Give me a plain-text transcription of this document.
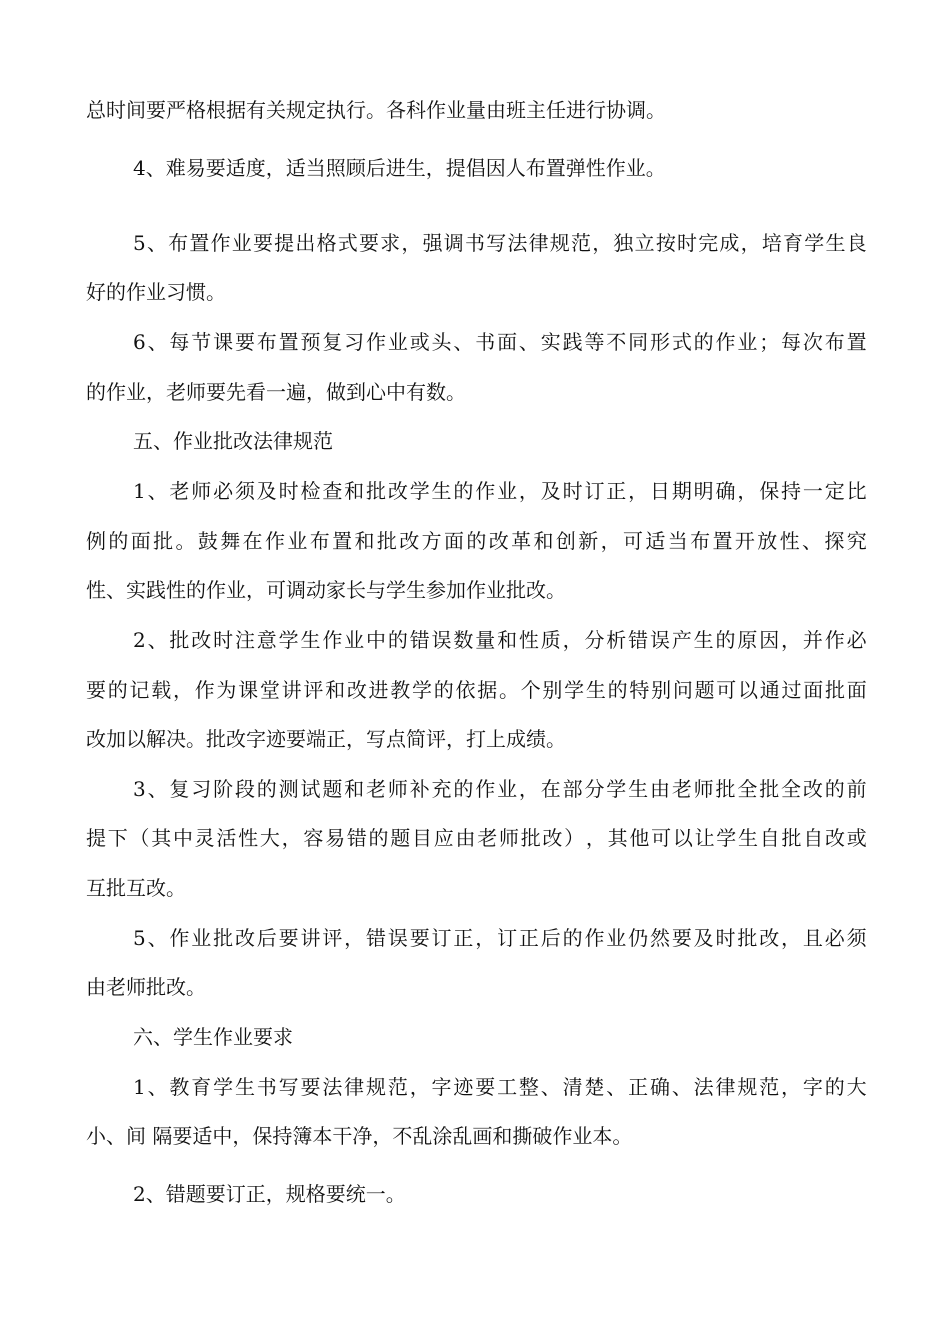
总时间要严格根据有关规定执行。各科作业量由班主任进行协调。
4、难易要适度，适当照顾后进生，提倡因人布置弹性作业。
5 、 布 置 作 业 要 提 出 格 式 要 求 ， 强 调 书 写 法 律 规 范 ， 独 立 按 时 完 成 ， 培 育 学 生 良
好的作业习惯。
6 、 每 节 课 要 布 置 预 复 习 作 业 或 头 、 书 面 、 实 践 等 不 同 形 式 的 作 业 ； 每 次 布 置
的作业，老师要先看一遍，做到心中有数。
五、作业批改法律规范
1 、 老 师 必 须 及 时 检 查 和 批 改 学 生 的 作 业 ， 及 时 订 正 ， 日 期 明 确 ， 保 持 一 定 比
例 的 面 批 。 鼓 舞 在 作 业 布 置 和 批 改 方 面 的 改 革 和 创 新 ， 可 适 当 布 置 开 放 性 、 探 究
性、实践性的作业，可调动家长与学生参加作业批改。
2 、 批 改 时 注 意 学 生 作 业 中 的 错 误 数 量 和 性 质 ， 分 析 错 误 产 生 的 原 因 ， 并 作 必
要 的 记 载 ， 作 为 课 堂 讲 评 和 改 进 教 学 的 依 据 。 个 别 学 生 的 特 别 问 题 可 以 通 过 面 批 面
改加以解决。批改字迹要端正，写点简评，打上成绩。
3 、 复 习 阶 段 的 测 试 题 和 老 师 补 充 的 作 业 ， 在 部 分 学 生 由 老 师 批 全 批 全 改 的 前
提 下 （ 其 中 灵 活 性 大 ， 容 易 错 的 题 目 应 由 老 师 批 改 ） ， 其 他 可 以 让 学 生 自 批 自 改 或
互批互改。
5 、 作 业 批 改 后 要 讲 评 ， 错 误 要 订 正 ， 订 正 后 的 作 业 仍 然 要 及 时 批 改 ， 且 必 须
由老师批改。
六、学生作业要求
1 、 教 育 学 生 书 写 要 法 律 规 范 ， 字 迹 要 工 整 、 清 楚 、 正 确 、 法 律 规 范 ， 字 的 大
小、间 隔要适中，保持簿本干净，不乱涂乱画和撕破作业本。
2、错题要订正，规格要统一。
